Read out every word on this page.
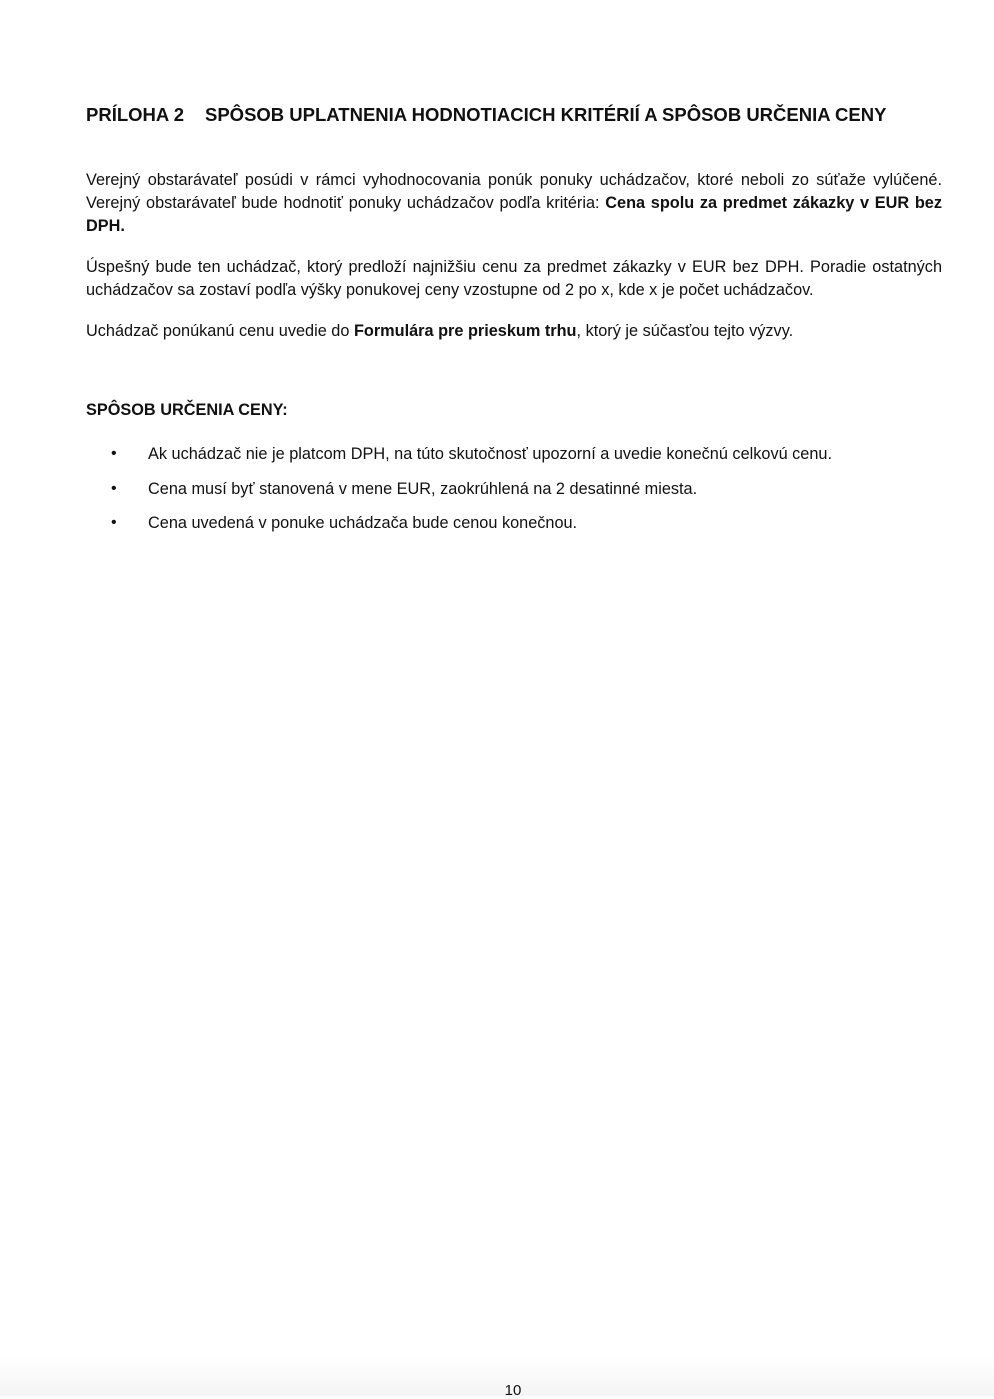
PRÍLOHA 2 SPÔSOB UPLATNENIA HODNOTIACICH KRITÉRIÍ A SPÔSOB URČENIA CENY

Verejný obstarávateľ posúdi v rámci vyhodnocovania ponúk ponuky uchádzačov, ktoré neboli zo súťaže vylúčené. Verejný obstarávateľ bude hodnotiť ponuky uchádzačov podľa kritéria: Cena spolu za predmet zákazky v EUR bez DPH.

Úspešný bude ten uchádzač, ktorý predloží najnižšiu cenu za predmet zákazky v EUR bez DPH. Poradie ostatných uchádzačov sa zostaví podľa výšky ponukovej ceny vzostupne od 2 po x, kde x je počet uchádzačov.

Uchádzač ponúkanú cenu uvedie do Formulára pre prieskum trhu, ktorý je súčasťou tejto výzvy.

SPÔSOB URČENIA CENY:
• Ak uchádzač nie je platcom DPH, na túto skutočnosť upozorní a uvedie konečnú celkovú cenu.
• Cena musí byť stanovená v mene EUR, zaokrúhlená na 2 desatinné miesta.
• Cena uvedená v ponuke uchádzača bude cenou konečnou.

10
